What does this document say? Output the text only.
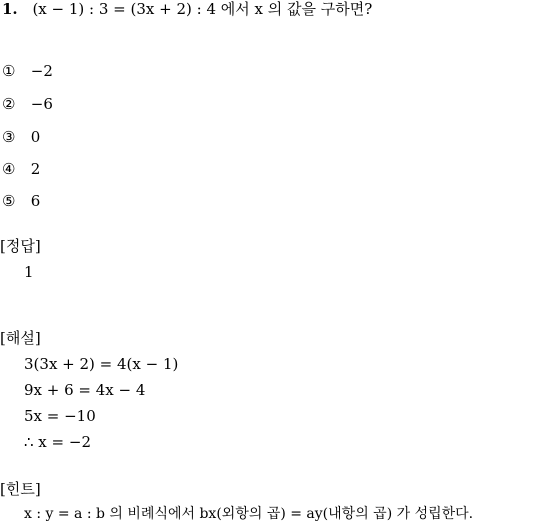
1. (x − 1) : 3 = (3x + 2) : 4 에서 x 의 값을 구하면?
① −2
② −6
③ 0
④ 2
⑤ 6
[정답]
1
[해설]
3(3x + 2) = 4(x − 1)
9x + 6 = 4x − 4
5x = −10
∴ x = −2
[힌트]
x : y = a : b 의 비례식에서 bx(외항의 곱) = ay(내항의 곱) 가 성립한다.
